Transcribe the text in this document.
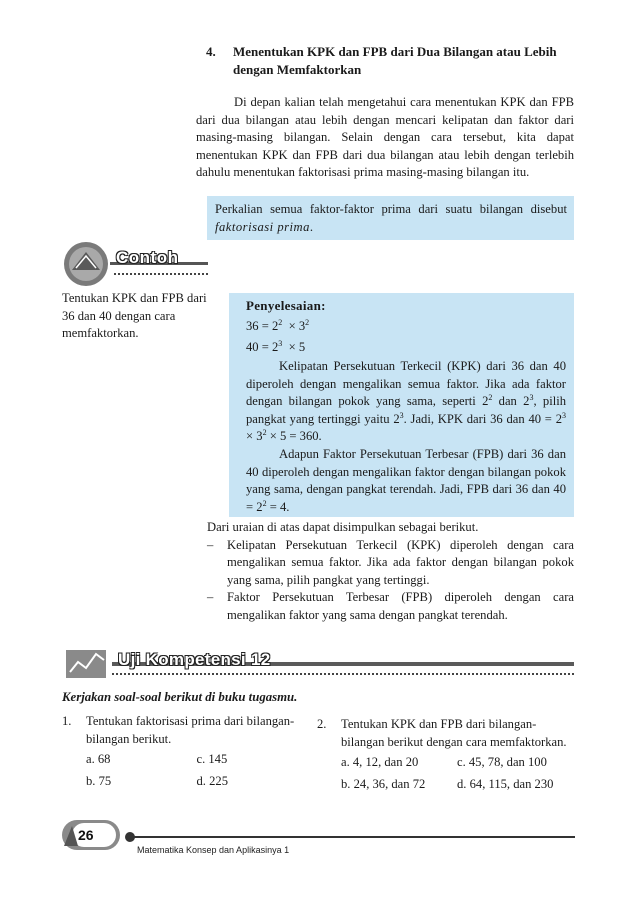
4. Menentukan KPK dan FPB dari Dua Bilangan atau Lebih dengan Memfaktorkan
Di depan kalian telah mengetahui cara menentukan KPK dan FPB dari dua bilangan atau lebih dengan mencari kelipatan dan faktor dari masing-masing bilangan. Selain dengan cara tersebut, kita dapat menentukan KPK dan FPB dari dua bilangan atau lebih dengan terlebih dahulu menentukan faktorisasi prima masing-masing bilangan itu.
Perkalian semua faktor-faktor prima dari suatu bilangan disebut faktorisasi prima.
Contoh
Tentukan KPK dan FPB dari 36 dan 40 dengan cara memfaktorkan.
Penyelesaian:
$36 = 2^2 \times 3^2$
$40 = 2^3 \times 5$
Kelipatan Persekutuan Terkecil (KPK) dari 36 dan 40 diperoleh dengan mengalikan semua faktor. Jika ada faktor dengan bilangan pokok yang sama, seperti $2^2$ dan $2^3$, pilih pangkat yang tertinggi yaitu $2^3$. Jadi, KPK dari 36 dan $40 = 2^3 \times 3^2 \times 5 = 360$.
Adapun Faktor Persekutuan Terbesar (FPB) dari 36 dan 40 diperoleh dengan mengalikan faktor dengan bilangan pokok yang sama, dengan pangkat terendah. Jadi, FPB dari 36 dan $40 = 2^2 = 4$.
Dari uraian di atas dapat disimpulkan sebagai berikut.
– Kelipatan Persekutuan Terkecil (KPK) diperoleh dengan cara mengalikan semua faktor. Jika ada faktor dengan bilangan pokok yang sama, pilih pangkat yang tertinggi.
– Faktor Persekutuan Terbesar (FPB) diperoleh dengan cara mengalikan faktor yang sama dengan pangkat terendah.
Uji Kompetensi 12
Kerjakan soal-soal berikut di buku tugasmu.
1. Tentukan faktorisasi prima dari bilangan-bilangan berikut.
a. 68	c. 145
b. 75	d. 225
2. Tentukan KPK dan FPB dari bilangan-bilangan berikut dengan cara memfaktorkan.
a. 4, 12, dan 20	c. 45, 78, dan 100
b. 24, 36, dan 72	d. 64, 115, dan 230
26
Matematika Konsep dan Aplikasinya 1
